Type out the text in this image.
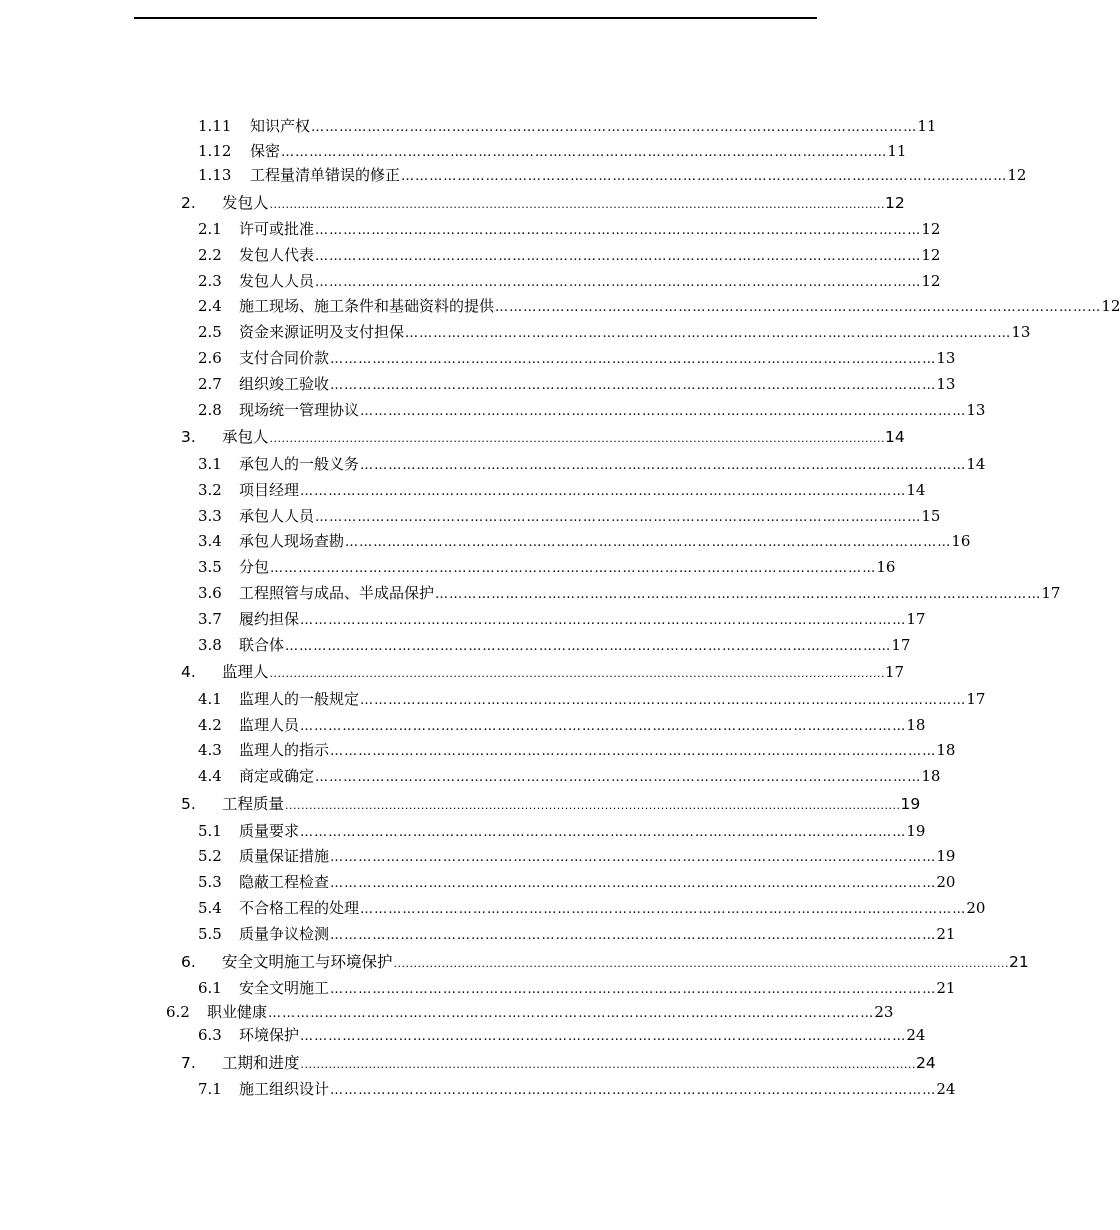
1.11	知识产权 ………………………………………………………………………………………………………………… 11
1.12	保密 ………………………………………………………………………………………………………………… 11
1.13	工程量清单错误的修正 ………………………………………………………………………………………………………………… 12
2.	发包人 .......................................................................................................................................................... 12
2.1	许可或批准 ………………………………………………………………………………………………………………… 12
2.2	发包人代表 ………………………………………………………………………………………………………………… 12
2.3	发包人人员 ………………………………………………………………………………………………………………… 12
2.4	施工现场、施工条件和基础资料的提供 ………………………………………………………………………………………………………………… 12
2.5	资金来源证明及支付担保 ………………………………………………………………………………………………………………… 13
2.6	支付合同价款 ………………………………………………………………………………………………………………… 13
2.7	组织竣工验收 ………………………………………………………………………………………………………………… 13
2.8	现场统一管理协议 ………………………………………………………………………………………………………………… 13
3.	承包人 .......................................................................................................................................................... 14
3.1	承包人的一般义务 ………………………………………………………………………………………………………………… 14
3.2	项目经理 ………………………………………………………………………………………………………………… 14
3.3	承包人人员 ………………………………………………………………………………………………………………… 15
3.4	承包人现场查勘 ………………………………………………………………………………………………………………… 16
3.5	分包 ………………………………………………………………………………………………………………… 16
3.6	工程照管与成品、半成品保护 ………………………………………………………………………………………………………………… 17
3.7	履约担保 ………………………………………………………………………………………………………………… 17
3.8	联合体 ………………………………………………………………………………………………………………… 17
4.	监理人 .......................................................................................................................................................... 17
4.1	监理人的一般规定 ………………………………………………………………………………………………………………… 17
4.2	监理人员 ………………………………………………………………………………………………………………… 18
4.3	监理人的指示 ………………………………………………………………………………………………………………… 18
4.4	商定或确定 ………………………………………………………………………………………………………………… 18
5.	工程质量 .......................................................................................................................................................... 19
5.1	质量要求 ………………………………………………………………………………………………………………… 19
5.2	质量保证措施 ………………………………………………………………………………………………………………… 19
5.3	隐蔽工程检查 ………………………………………………………………………………………………………………… 20
5.4	不合格工程的处理 ………………………………………………………………………………………………………………… 20
5.5	质量争议检测 ………………………………………………………………………………………………………………… 21
6.	安全文明施工与环境保护 .......................................................................................................................................................... 21
6.1	安全文明施工 ………………………………………………………………………………………………………………… 21
6.2	职业健康 ………………………………………………………………………………………………………………… 23
6.3	环境保护 ………………………………………………………………………………………………………………… 24
7.	工期和进度 .......................................................................................................................................................... 24
7.1	施工组织设计 ………………………………………………………………………………………………………………… 24
